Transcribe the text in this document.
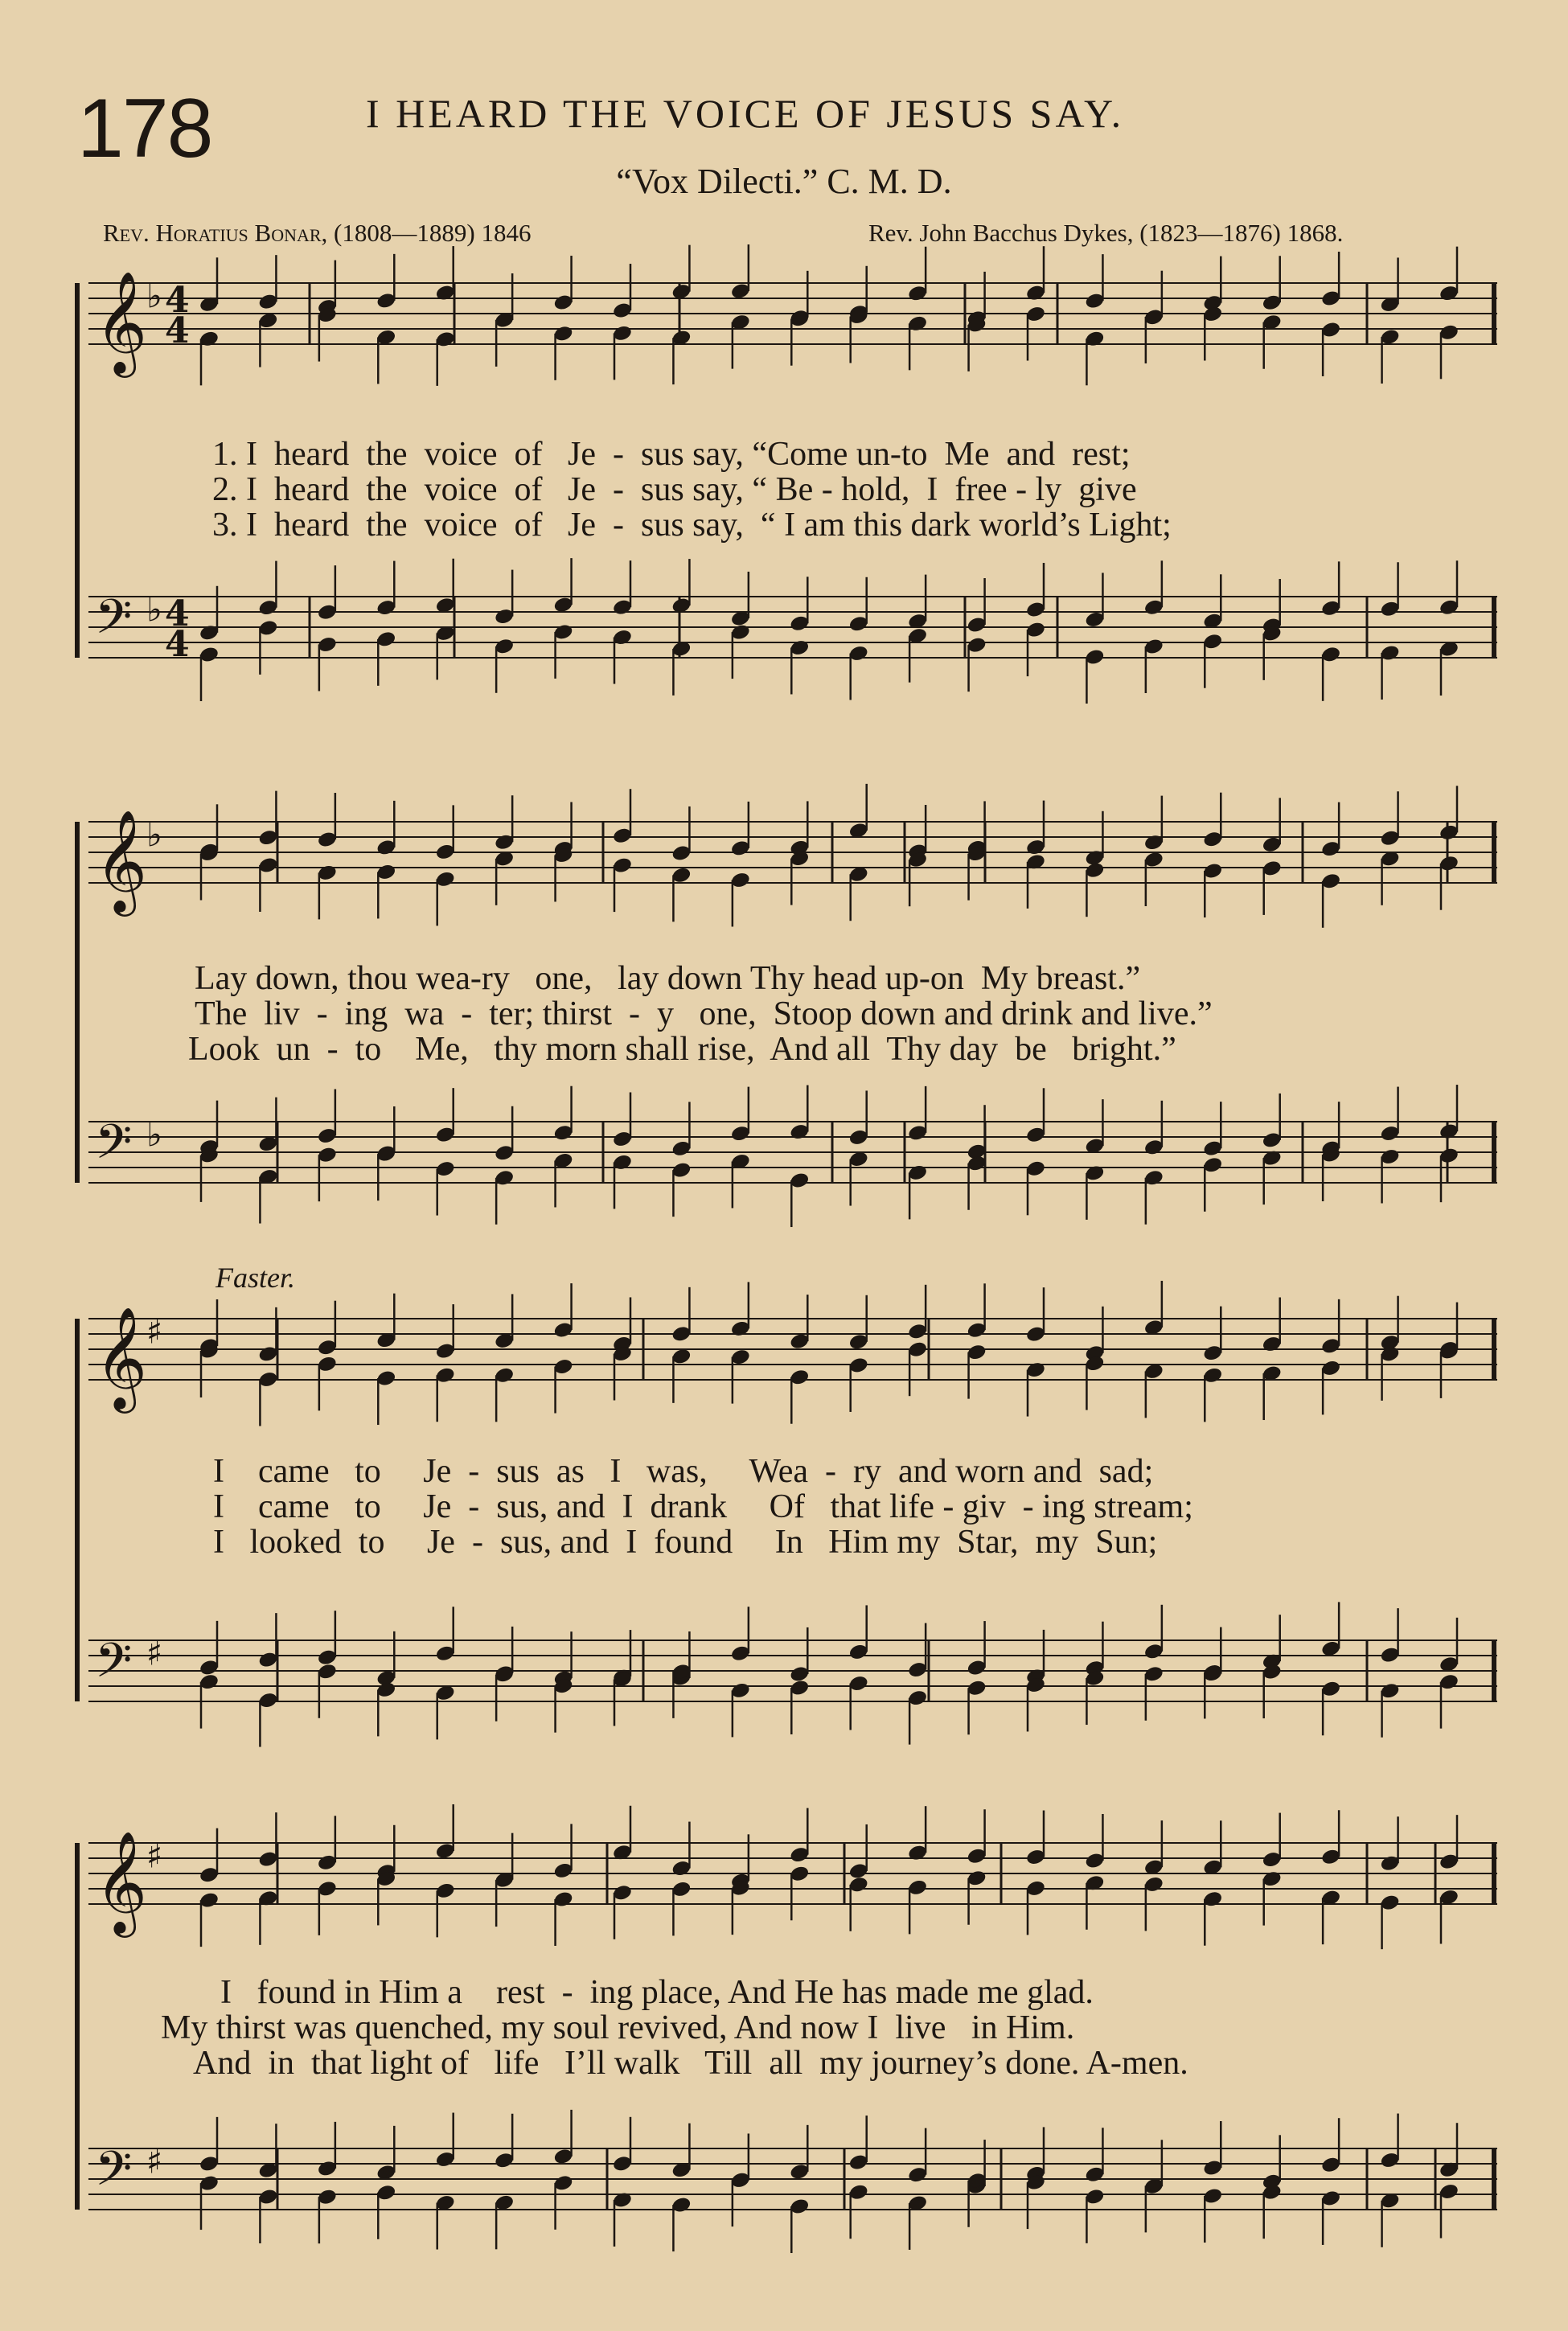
178	I HEARD THE VOICE OF JESUS SAY.
“Vox Dilecti.” C. M. D.
Rev. Horatius Bonar, (1808—1889) 1846	Rev. John Bacchus Dykes, (1823—1876) 1868.
Faster.
𝄞 4
4
♭
𝄢 4
4
♭
𝄞
♭
𝄢 ♭
𝄞
♯
𝄢 ♯
𝄞
♯
𝄢 ♯
1. I  heard  the  voice  of   Je  -  sus say, “Come un-to  Me  and  rest;
2. I  heard  the  voice  of   Je  -  sus say, “ Be - hold,  I  free - ly  give
3. I  heard  the  voice  of   Je  -  sus say,  “ I am this dark world’s Light;
Lay down, thou wea-ry   one,   lay down Thy head up-on  My breast.”
The  liv  -  ing  wa  -  ter; thirst  -  y   one,  Stoop down and drink and live.”
Look  un  -  to    Me,   thy morn shall rise,  And all  Thy day  be   bright.”
I    came   to     Je  -  sus  as   I   was,     Wea  -  ry  and worn and  sad;
I    came   to     Je  -  sus, and  I  drank     Of   that life - giv  - ing stream;
I   looked  to     Je  -  sus, and  I  found     In   Him my  Star,  my  Sun;
I   found in Him a    rest  -  ing place, And He has made me glad.
My thirst was quenched, my soul revived, And now I  live   in Him.
And  in  that light of   life   I’ll walk   Till  all  my journey’s done. A-men.
